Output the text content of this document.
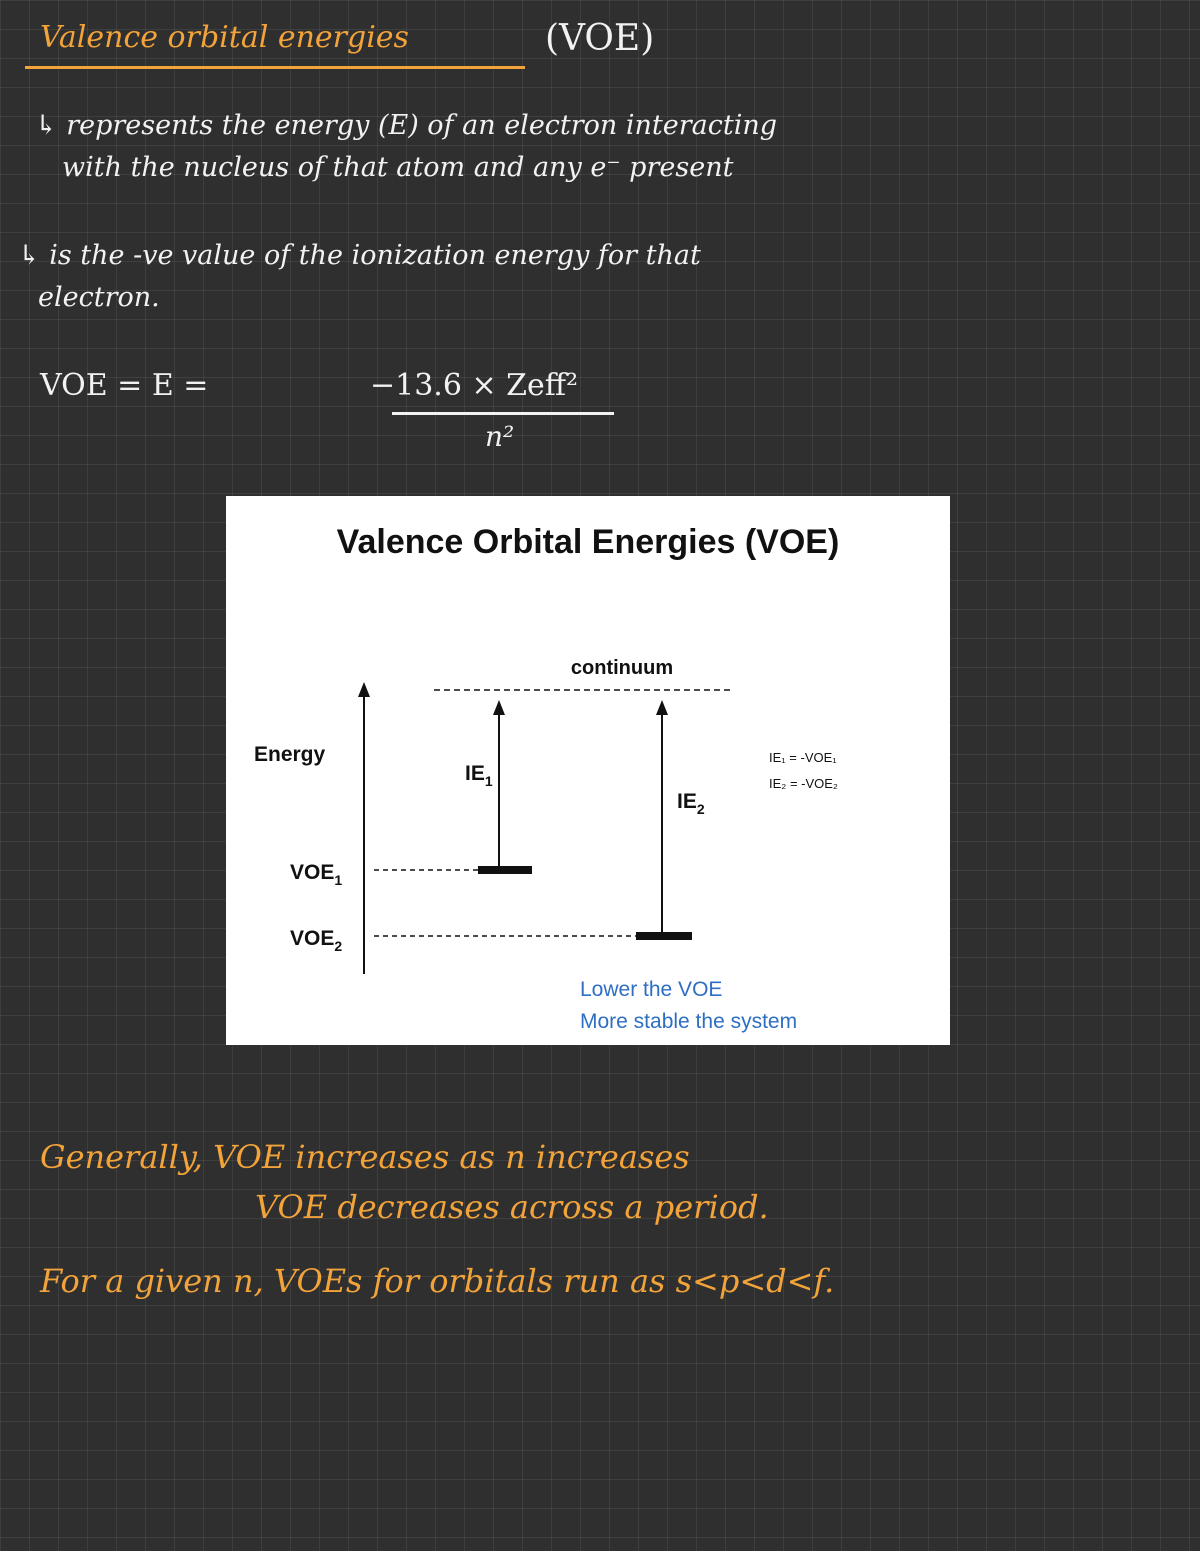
Valence orbital energies	(VOE)
↳ represents the energy (E) of an electron interacting
with the nucleus of that atom and any e⁻ present
↳ is the -ve value of the ionization energy for that
electron.
VOE = E =	−13.6 × Zeff²
n²
Valence Orbital Energies (VOE)
continuum
Energy
$VOE_1$
$VOE_2$
$IE_1$
$IE_2$
IE₁ = -VOE₁
IE₂ = -VOE₂
Lower the VOE
More stable the system
Generally, VOE increases as n increases
VOE decreases across a period.
For a given n, VOEs for orbitals run as s<p<d<f.
